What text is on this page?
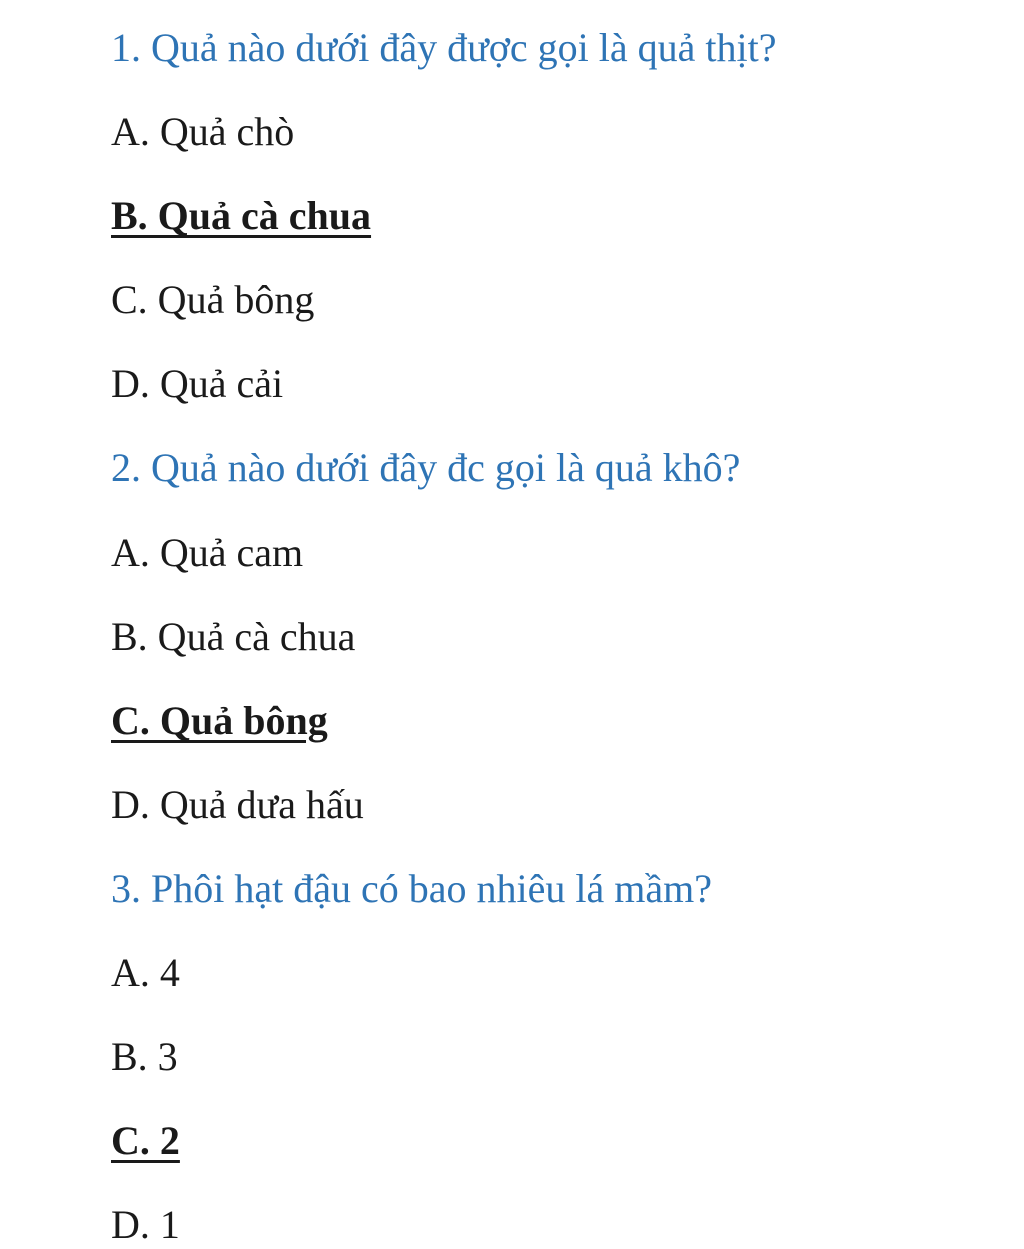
1. Quả nào dưới đây được gọi là quả thịt?
A. Quả chò
B. Quả cà chua
C. Quả bông
D. Quả cải
2. Quả nào dưới đây đc gọi là quả khô?
A. Quả cam
B. Quả cà chua
C. Quả bông
D. Quả dưa hấu
3. Phôi hạt đậu có bao nhiêu lá mầm?
A. 4
B. 3
C. 2
D. 1
